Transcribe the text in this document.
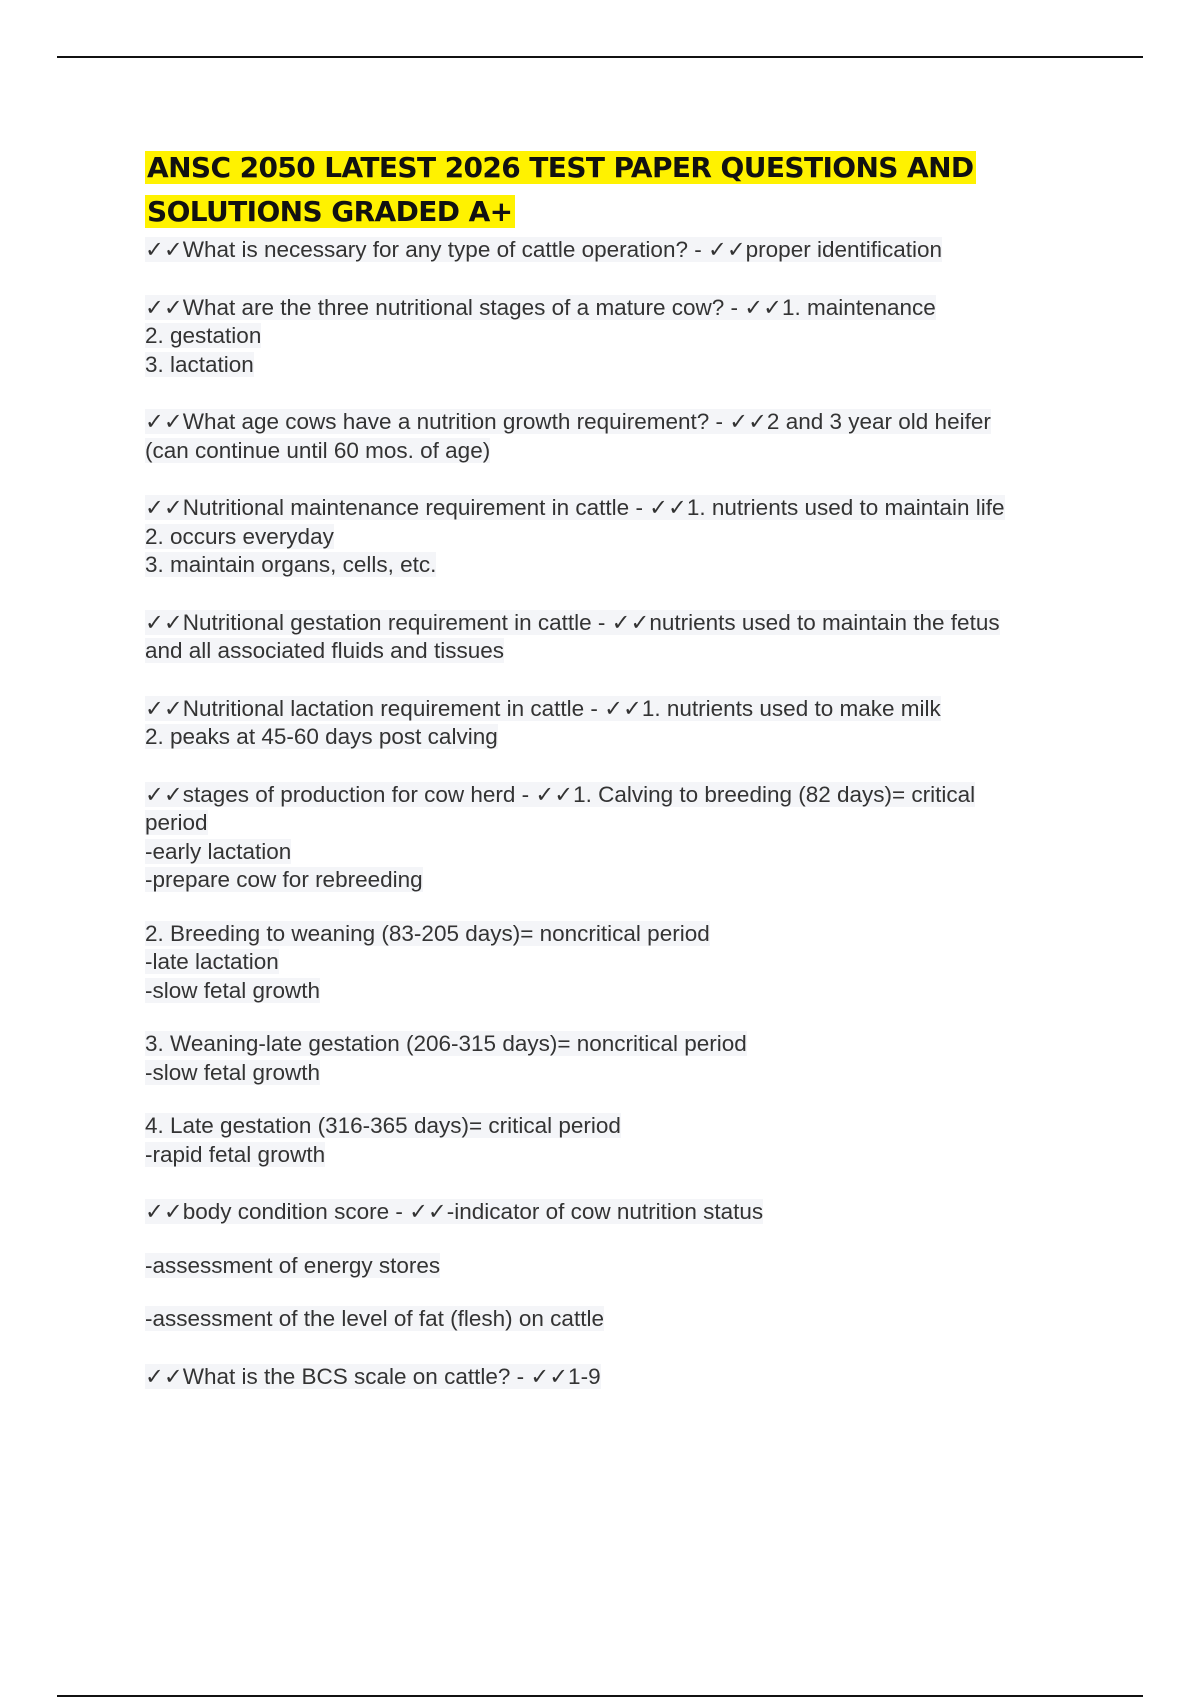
ANSC 2050 LATEST 2026 TEST PAPER QUESTIONS AND SOLUTIONS GRADED A+
✓✓What is necessary for any type of cattle operation? - ✓✓proper identification
✓✓What are the three nutritional stages of a mature cow? - ✓✓1. maintenance
2. gestation
3. lactation
✓✓What age cows have a nutrition growth requirement? - ✓✓2 and 3 year old heifer
(can continue until 60 mos. of age)
✓✓Nutritional maintenance requirement in cattle - ✓✓1. nutrients used to maintain life
2. occurs everyday
3. maintain organs, cells, etc.
✓✓Nutritional gestation requirement in cattle - ✓✓nutrients used to maintain the fetus
and all associated fluids and tissues
✓✓Nutritional lactation requirement in cattle - ✓✓1. nutrients used to make milk
2. peaks at 45-60 days post calving
✓✓stages of production for cow herd - ✓✓1. Calving to breeding (82 days)= critical
period
-early lactation
-prepare cow for rebreeding
2. Breeding to weaning (83-205 days)= noncritical period
-late lactation
-slow fetal growth
3. Weaning-late gestation (206-315 days)= noncritical period
-slow fetal growth
4. Late gestation (316-365 days)= critical period
-rapid fetal growth
✓✓body condition score - ✓✓-indicator of cow nutrition status
-assessment of energy stores
-assessment of the level of fat (flesh) on cattle
✓✓What is the BCS scale on cattle? - ✓✓1-9
